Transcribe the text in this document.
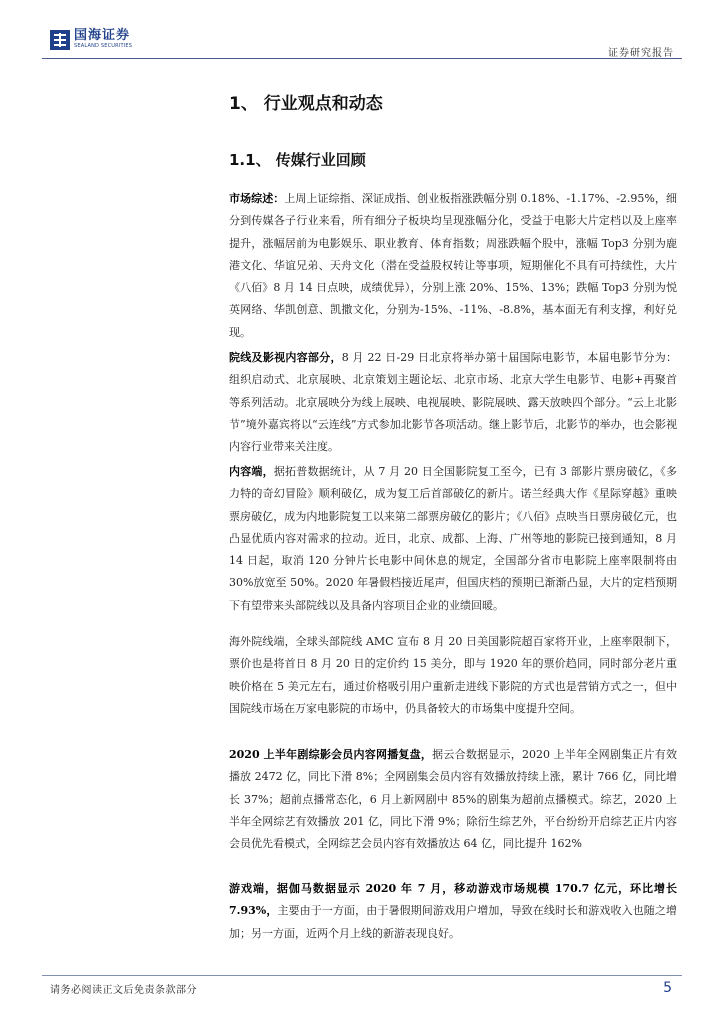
国海证券
SEALAND SECURITIES
证券研究报告
1、 行业观点和动态
1.1、 传媒行业回顾

市场综述：上周上证综指、深证成指、创业板指涨跌幅分别 0.18%、-1.17%、-2.95%，细分到传媒各子行业来看，所有细分子板块均呈现涨幅分化，受益于电影大片定档以及上座率提升，涨幅居前为电影娱乐、职业教育、体育指数；周涨跌幅个股中，涨幅 Top3 分别为鹿港文化、华谊兄弟、天舟文化（潜在受益股权转让等事项，短期催化不具有可持续性，大片《八佰》8 月 14 日点映，成绩优异），分别上涨 20%、15%、13%；跌幅 Top3 分别为悦英网络、华凯创意、凯撒文化，分别为-15%、-11%、-8.8%，基本面无有利支撑，利好兑现。

院线及影视内容部分，8 月 22 日-29 日北京将举办第十届国际电影节，本届电影节分为：组织启动式、北京展映、北京策划主题论坛、北京市场、北京大学生电影节、电影+再聚首等系列活动。北京展映分为线上展映、电视展映、影院展映、露天放映四个部分。“云上北影节”境外嘉宾将以“云连线”方式参加北影节各项活动。继上影节后，北影节的举办，也会影视内容行业带来关注度。

内容端，据拓普数据统计，从 7 月 20 日全国影院复工至今，已有 3 部影片票房破亿，《多力特的奇幻冒险》顺利破亿，成为复工后首部破亿的新片。诺兰经典大作《星际穿越》重映票房破亿，成为内地影院复工以来第二部票房破亿的影片；《八佰》点映当日票房破亿元，也凸显优质内容对需求的拉动。近日，北京、成都、上海、广州等地的影院已接到通知，8 月 14 日起，取消 120 分钟片长电影中间休息的规定，全国部分省市电影院上座率限制将由 30%放宽至 50%。2020 年暑假档接近尾声，但国庆档的预期已渐渐凸显，大片的定档预期下有望带来头部院线以及具备内容项目企业的业绩回暖。

海外院线端，全球头部院线 AMC 宣布 8 月 20 日美国影院超百家将开业，上座率限制下，票价也是将首日 8 月 20 日的定价约 15 美分，即与 1920 年的票价趋同，同时部分老片重映价格在 5 美元左右，通过价格吸引用户重新走进线下影院的方式也是营销方式之一，但中国院线市场在万家电影院的市场中，仍具备较大的市场集中度提升空间。

2020 上半年剧综影会员内容网播复盘，据云合数据显示，2020 上半年全网剧集正片有效播放 2472 亿，同比下滑 8%；全网剧集会员内容有效播放持续上涨，累计 766 亿，同比增长 37%；超前点播常态化，6 月上新网剧中 85%的剧集为超前点播模式。综艺，2020 上半年全网综艺有效播放 201 亿，同比下滑 9%；除衍生综艺外，平台纷纷开启综艺正片内容会员优先看模式，全网综艺会员内容有效播放达 64 亿，同比提升 162%

游戏端，据伽马数据显示 2020 年 7 月，移动游戏市场规模 170.7 亿元，环比增长 7.93%，主要由于一方面，由于暑假期间游戏用户增加，导致在线时长和游戏收入也随之增加；另一方面，近两个月上线的新游表现良好。

请务必阅读正文后免责条款部分	5
